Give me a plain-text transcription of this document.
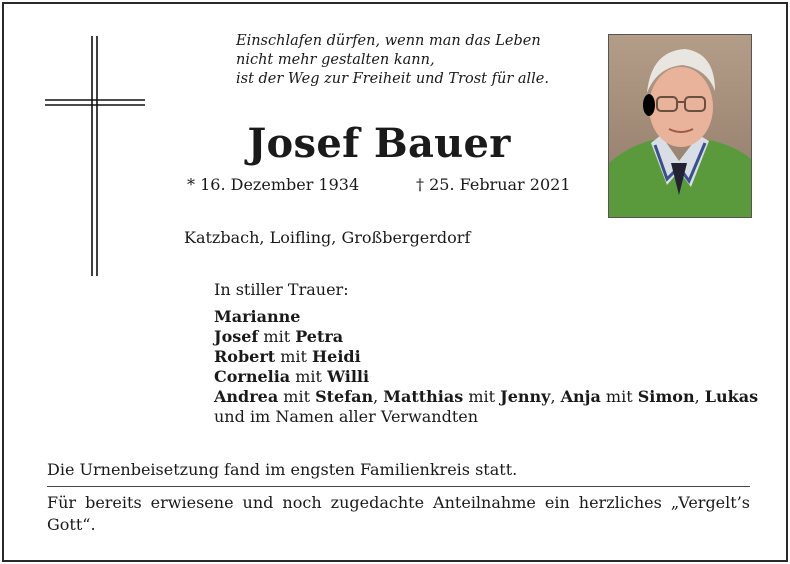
Einschlafen dürfen, wenn man das Leben
nicht mehr gestalten kann,
ist der Weg zur Freiheit und Trost für alle.
Josef Bauer
* 16. Dezember 1934	† 25. Februar 2021
Katzbach, Loifling, Großbergerdorf
In stiller Trauer:
Marianne
Josef mit Petra
Robert mit Heidi
Cornelia mit Willi
Andrea mit Stefan, Matthias mit Jenny, Anja mit Simon, Lukas
und im Namen aller Verwandten
Die Urnenbeisetzung fand im engsten Familienkreis statt.
Für bereits erwiesene und noch zugedachte Anteilnahme ein herzliches „Vergelt’s Gott“.
